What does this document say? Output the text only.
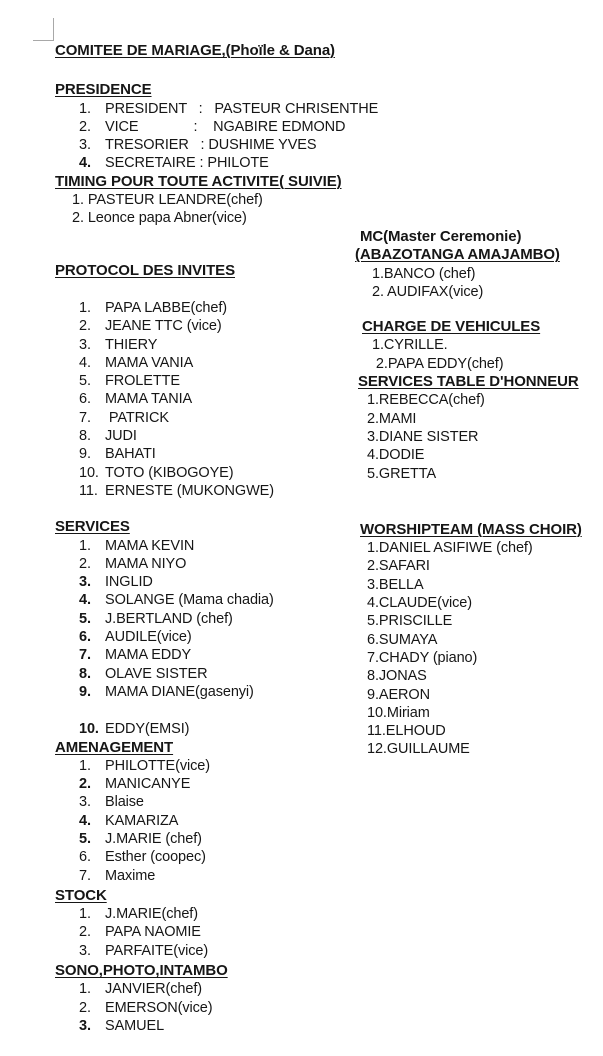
COMITEE DE MARIAGE,(Phoïle & Dana)
PRESIDENCE
1. PRESIDENT   :   PASTEUR CHRISENTHE
2. VICE              :    NGABIRE EDMOND
3. TRESORIER   : DUSHIME YVES
4. SECRETAIRE : PHILOTE
TIMING POUR TOUTE ACTIVITE( SUIVIE)
1. PASTEUR LEANDRE(chef)
2. Leonce papa Abner(vice)
PROTOCOL DES INVITES
1. PAPA LABBE(chef)
2. JEANE TTC (vice)
3. THIERY
4. MAMA VANIA
5. FROLETTE
6. MAMA TANIA
7. PATRICK
8. JUDI
9. BAHATI
10. TOTO (KIBOGOYE)
11. ERNESTE (MUKONGWE)
SERVICES
1. MAMA KEVIN
2. MAMA NIYO
3. INGLID
4. SOLANGE (Mama chadia)
5. J.BERTLAND (chef)
6. AUDILE(vice)
7. MAMA EDDY
8. OLAVE SISTER
9. MAMA DIANE(gasenyi)
10. EDDY(EMSI)
AMENAGEMENT
1. PHILOTTE(vice)
2. MANICANYE
3. Blaise
4. KAMARIZA
5. J.MARIE (chef)
6. Esther (coopec)
7. Maxime
STOCK
1. J.MARIE(chef)
2. PAPA NAOMIE
3. PARFAITE(vice)
SONO,PHOTO,INTAMBO
1. JANVIER(chef)
2. EMERSON(vice)
3. SAMUEL
MC(Master Ceremonie)
(ABAZOTANGA AMAJAMBO)
1.BANCO (chef)
2. AUDIFAX(vice)
CHARGE DE VEHICULES
1.CYRILLE.
2.PAPA EDDY(chef)
SERVICES TABLE D'HONNEUR
1.REBECCA(chef)
2.MAMI
3.DIANE SISTER
4.DODIE
5.GRETTA
WORSHIPTEAM (MASS CHOIR)
1.DANIEL ASIFIWE (chef)
2.SAFARI
3.BELLA
4.CLAUDE(vice)
5.PRISCILLE
6.SUMAYA
7.CHADY (piano)
8.JONAS
9.AERON
10.Miriam
11.ELHOUD
12.GUILLAUME
